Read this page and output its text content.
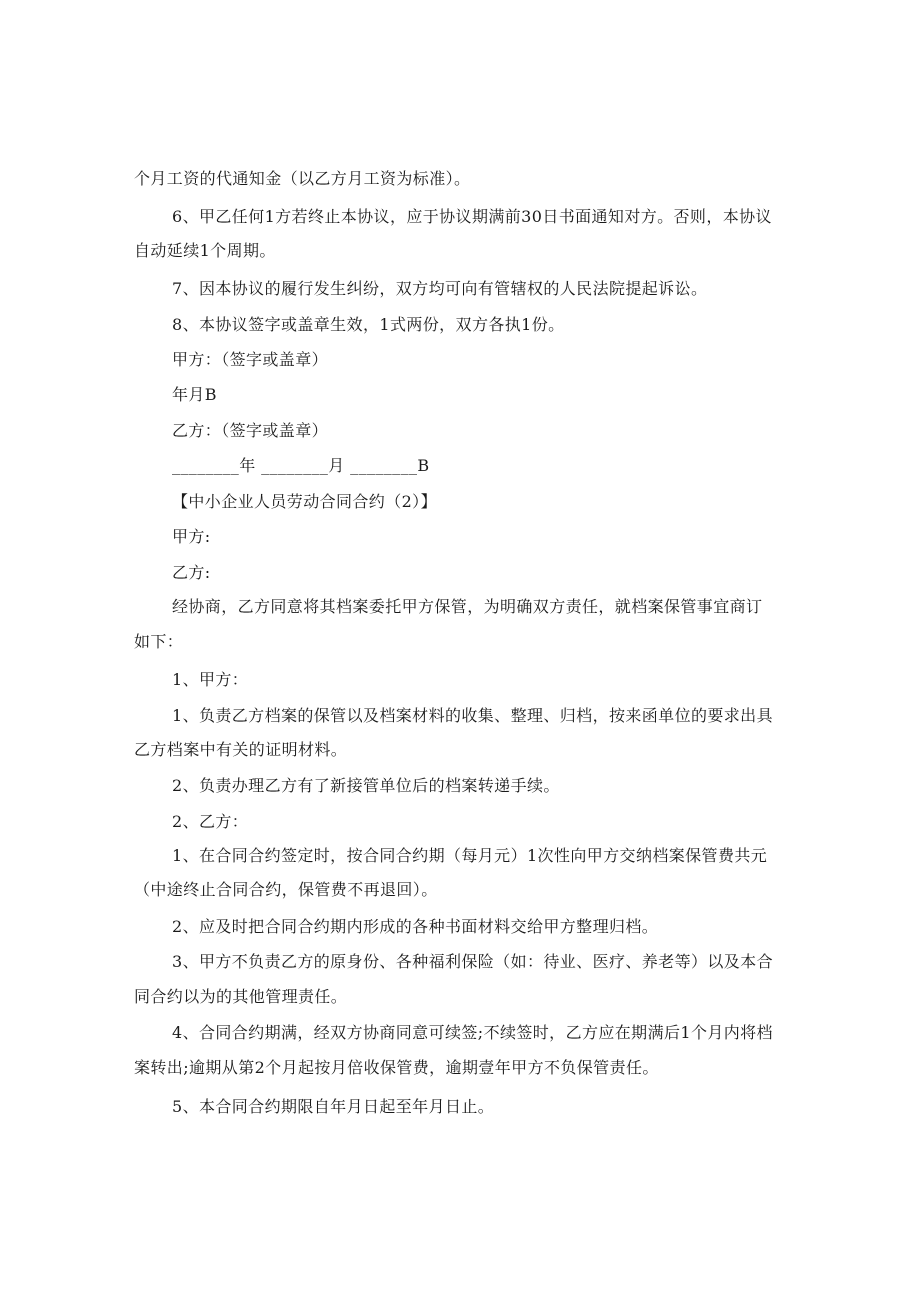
个月工资的代通知金（以乙方月工资为标准）。
6、甲乙任何1方若终止本协议，应于协议期满前30日书面通知对方。否则，本协议
自动延续1个周期。
7、因本协议的履行发生纠纷，双方均可向有管辖权的人民法院提起诉讼。
8、本协议签字或盖章生效，1式两份，双方各执1份。
甲方：（签字或盖章）
年月B
乙方：（签字或盖章）
________年 ________月 ________B
【中小企业人员劳动合同合约（2）】
甲方:
乙方:
经协商，乙方同意将其档案委托甲方保管，为明确双方责任，就档案保管事宜商订
如下：
1、甲方：
1、负责乙方档案的保管以及档案材料的收集、整理、归档，按来函单位的要求出具
乙方档案中有关的证明材料。
2、负责办理乙方有了新接管单位后的档案转递手续。
2、乙方：
1、在合同合约签定时，按合同合约期（每月元）1次性向甲方交纳档案保管费共元
（中途终止合同合约，保管费不再退回）。
2、应及时把合同合约期内形成的各种书面材料交给甲方整理归档。
3、甲方不负责乙方的原身份、各种福利保险（如：待业、医疗、养老等）以及本合
同合约以为的其他管理责任。
4、合同合约期满，经双方协商同意可续签;不续签时，乙方应在期满后1个月内将档
案转出;逾期从第2个月起按月倍收保管费，逾期壹年甲方不负保管责任。
5、本合同合约期限自年月日起至年月日止。
